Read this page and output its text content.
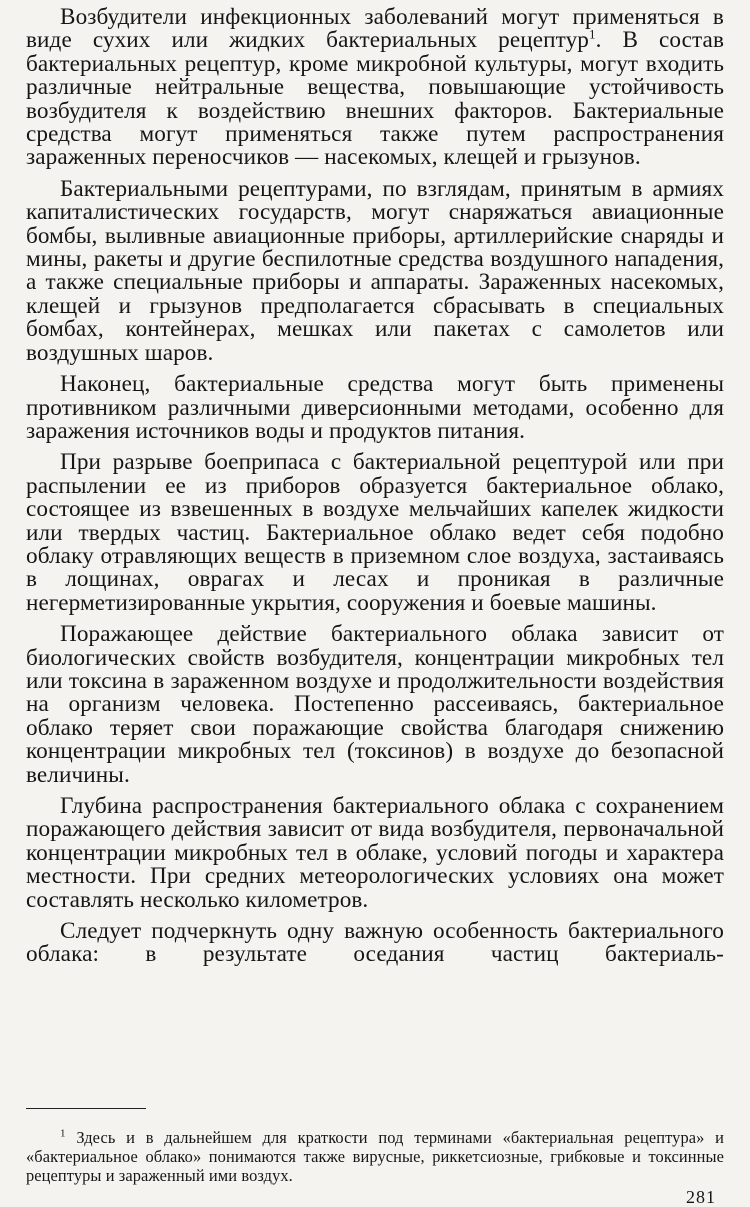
Возбудители инфекционных заболеваний могут применяться в виде сухих или жидких бактериальных рецептур$^1$. В состав бактериальных рецептур, кроме микробной культуры, могут входить различные нейтральные вещества, повышающие устойчивость возбудителя к воздействию внешних факторов. Бактериальные средства могут применяться также путем распространения зараженных переносчиков — насекомых, клещей и грызунов.

Бактериальными рецептурами, по взглядам, принятым в армиях капиталистических государств, могут снаряжаться авиационные бомбы, выливные авиационные приборы, артиллерийские снаряды и мины, ракеты и другие беспилотные средства воздушного нападения, а также специальные приборы и аппараты. Зараженных насекомых, клещей и грызунов предполагается сбрасывать в специальных бомбах, контейнерах, мешках или пакетах с самолетов или воздушных шаров.

Наконец, бактериальные средства могут быть применены противником различными диверсионными методами, особенно для заражения источников воды и продуктов питания.

При разрыве боеприпаса с бактериальной рецептурой или при распылении ее из приборов образуется бактериальное облако, состоящее из взвешенных в воздухе мельчайших капелек жидкости или твердых частиц. Бактериальное облако ведет себя подобно облаку отравляющих веществ в приземном слое воздуха, застаиваясь в лощинах, оврагах и лесах и проникая в различные негерметизированные укрытия, сооружения и боевые машины.

Поражающее действие бактериального облака зависит от биологических свойств возбудителя, концентрации микробных тел или токсина в зараженном воздухе и продолжительности воздействия на организм человека. Постепенно рассеиваясь, бактериальное облако теряет свои поражающие свойства благодаря снижению концентрации микробных тел (токсинов) в воздухе до безопасной величины.

Глубина распространения бактериального облака с сохранением поражающего действия зависит от вида возбудителя, первоначальной концентрации микробных тел в облаке, условий погоды и характера местности. При средних метеорологических условиях она может составлять несколько километров.

Следует подчеркнуть одну важную особенность бактериального облака: в результате оседания частиц бактериаль-

$^1$ Здесь и в дальнейшем для краткости под терминами «бактериальная рецептура» и «бактериальное облако» понимаются также вирусные, риккетсиозные, грибковые и токсинные рецептуры и зараженный ими воздух.

281
